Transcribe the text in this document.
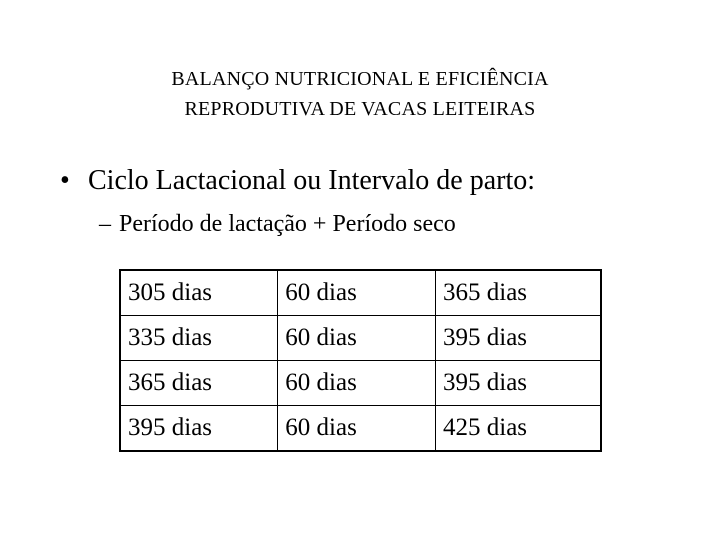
BALANÇO NUTRICIONAL E EFICIÊNCIA
REPRODUTIVA DE VACAS LEITEIRAS
• Ciclo Lactacional ou Intervalo de parto:
– Período de lactação + Período seco
305 dias	60 dias	365 dias
335 dias	60 dias	395 dias
365 dias	60 dias	395 dias
395 dias	60 dias	425 dias
